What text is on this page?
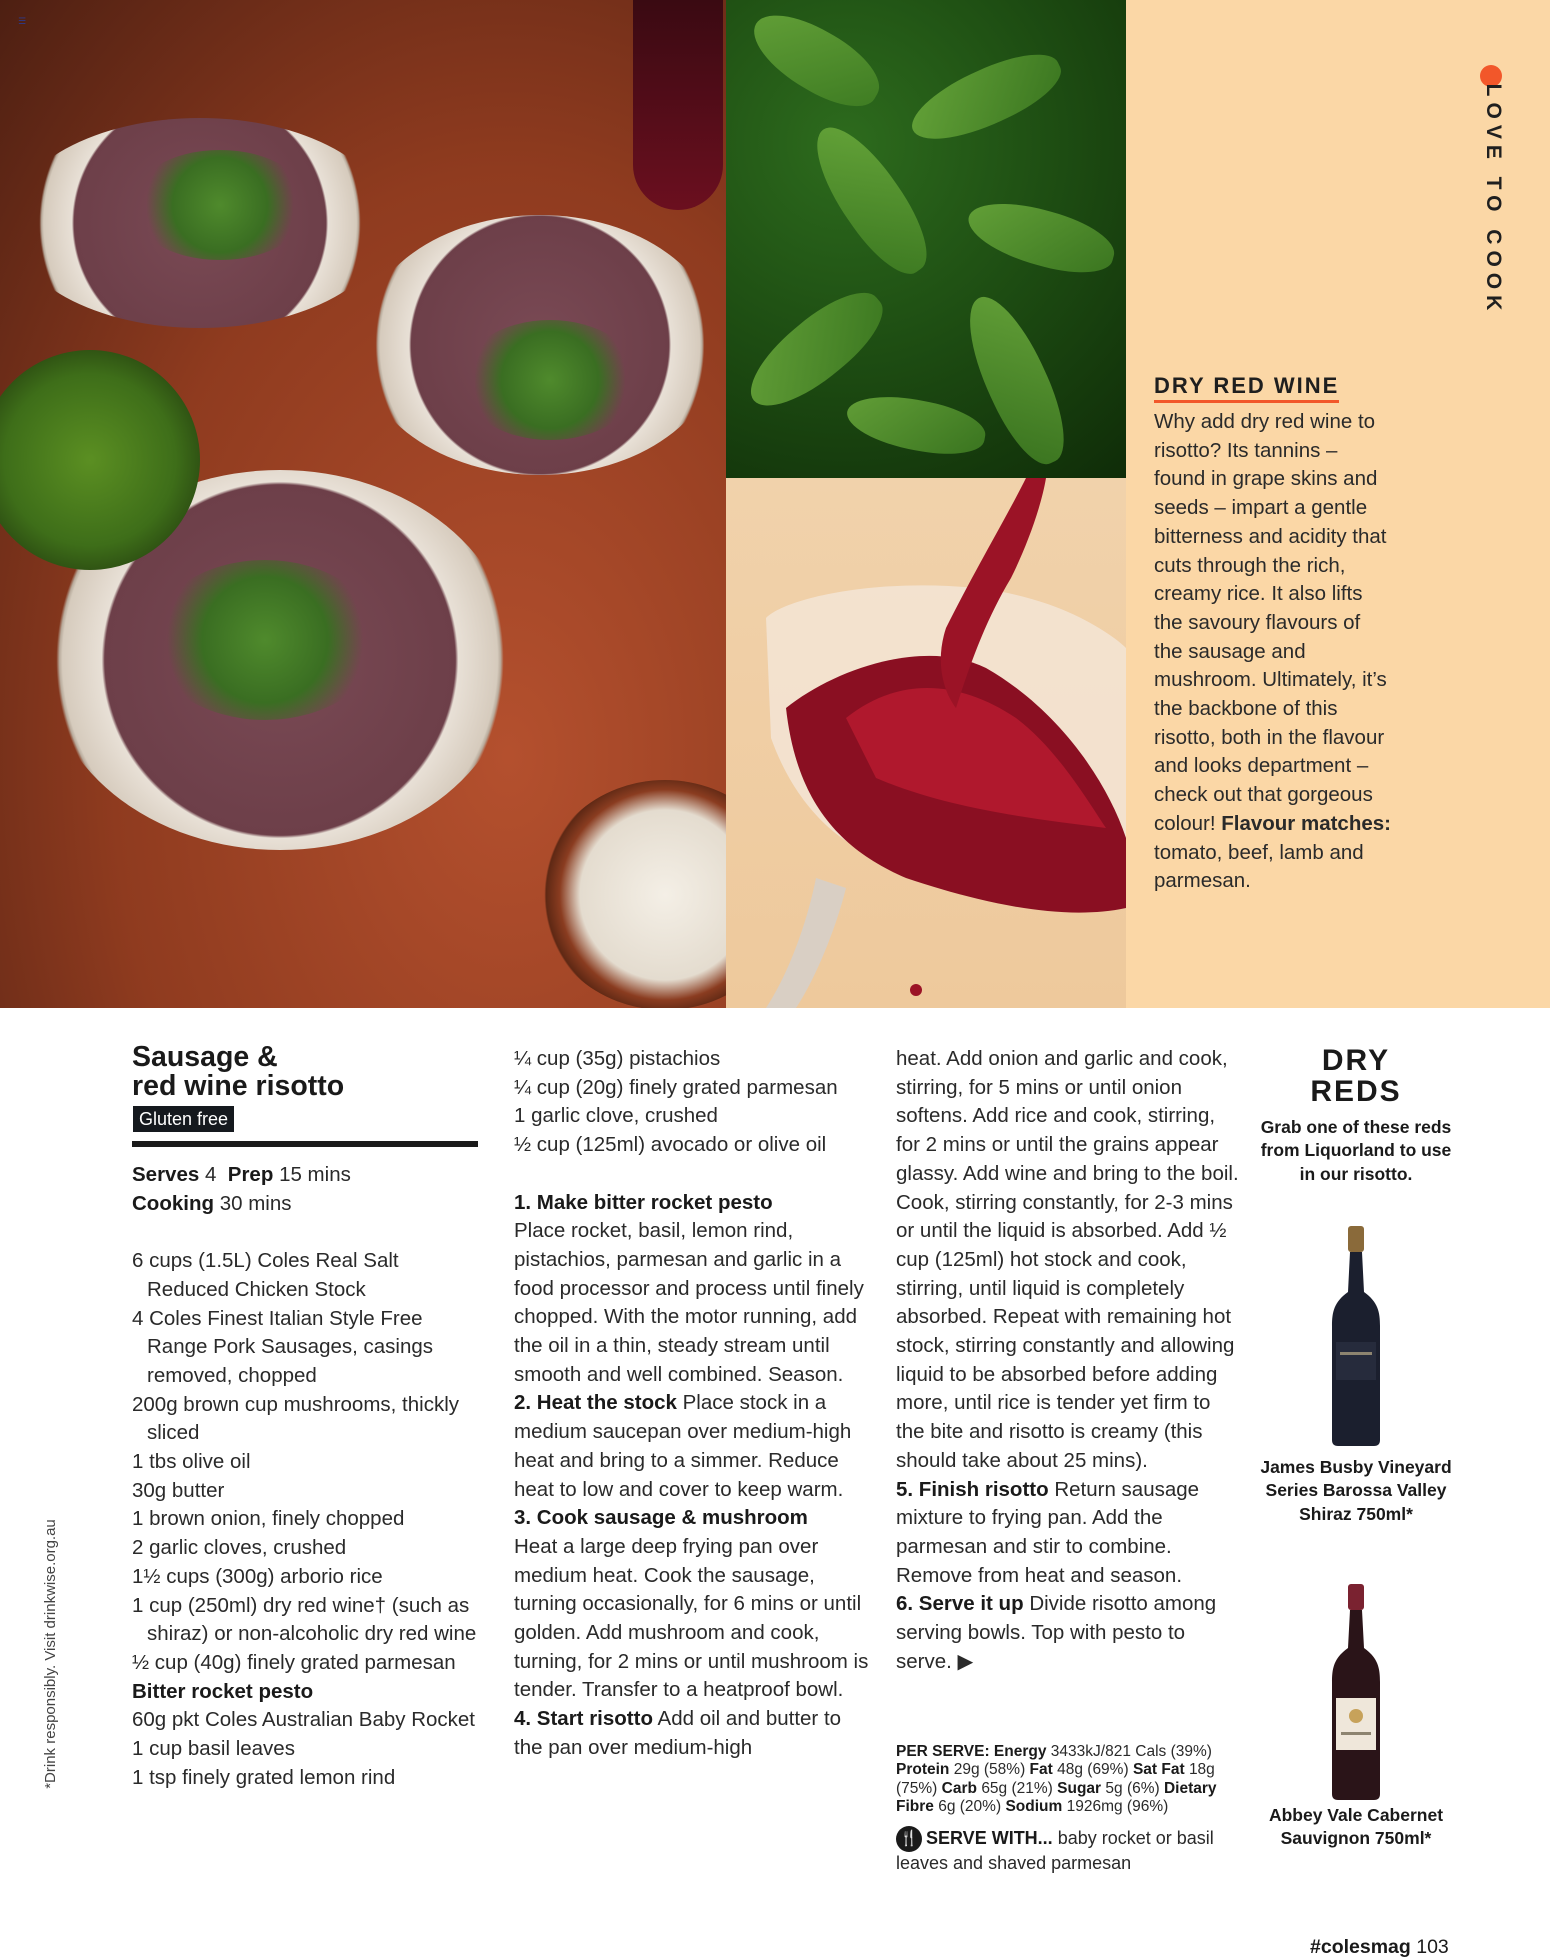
LOVE TO COOK
DRY RED WINE
Why add dry red wine to risotto? Its tannins – found in grape skins and seeds – impart a gentle bitterness and acidity that cuts through the rich, creamy rice. It also lifts the savoury flavours of the sausage and mushroom. Ultimately, it’s the backbone of this risotto, both in the flavour and looks department – check out that gorgeous colour! Flavour matches: tomato, beef, lamb and parmesan.
Sausage &
red wine risotto
Gluten free

Serves 4 Prep 15 mins

Cooking 30 mins

6 cups (1.5L) Coles Real Salt Reduced Chicken Stock

4 Coles Finest Italian Style Free Range Pork Sausages, casings removed, chopped

200g brown cup mushrooms, thickly sliced

1 tbs olive oil

30g butter

1 brown onion, finely chopped

2 garlic cloves, crushed

1½ cups (300g) arborio rice

1 cup (250ml) dry red wine† (such as shiraz) or non-alcoholic dry red wine

½ cup (40g) finely grated parmesan

Bitter rocket pesto

60g pkt Coles Australian Baby Rocket

1 cup basil leaves

1 tsp finely grated lemon rind

¼ cup (35g) pistachios

¼ cup (20g) finely grated parmesan

1 garlic clove, crushed

½ cup (125ml) avocado or olive oil

1. Make bitter rocket pesto
Place rocket, basil, lemon rind, pistachios, parmesan and garlic in a food processor and process until finely chopped. With the motor running, add the oil in a thin, steady stream until smooth and well combined. Season.

2. Heat the stock Place stock in a medium saucepan over medium-high heat and bring to a simmer. Reduce heat to low and cover to keep warm.

3. Cook sausage & mushroom
Heat a large deep frying pan over medium heat. Cook the sausage, turning occasionally, for 6 mins or until golden. Add mushroom and cook, turning, for 2 mins or until mushroom is tender. Transfer to a heatproof bowl.

4. Start risotto Add oil and butter to the pan over medium-high

heat. Add onion and garlic and cook, stirring, for 5 mins or until onion softens. Add rice and cook, stirring, for 2 mins or until the grains appear glassy. Add wine and bring to the boil. Cook, stirring constantly, for 2-3 mins or until the liquid is absorbed. Add ½ cup (125ml) hot stock and cook, stirring, until liquid is completely absorbed. Repeat with remaining hot stock, stirring constantly and allowing liquid to be absorbed before adding more, until rice is tender yet firm to the bite and risotto is creamy (this should take about 25 mins).

5. Finish risotto Return sausage mixture to frying pan. Add the parmesan and stir to combine. Remove from heat and season.

6. Serve it up Divide risotto among serving bowls. Top with pesto to serve. ▶

PER SERVE: Energy 3433kJ/821 Cals (39%) Protein 29g (58%) Fat 48g (69%) Sat Fat 18g (75%) Carb 65g (21%) Sugar 5g (6%) Dietary Fibre 6g (20%) Sodium 1926mg (96%)
🍴 SERVE WITH... baby rocket or basil leaves and shaved parmesan
DRY
REDS
Grab one of these reds from Liquorland to use in our risotto.
James Busby Vineyard Series Barossa Valley Shiraz 750ml*
Abbey Vale Cabernet Sauvignon 750ml*
*Drink responsibly. Visit drinkwise.org.au
#colesmag 103
☰
